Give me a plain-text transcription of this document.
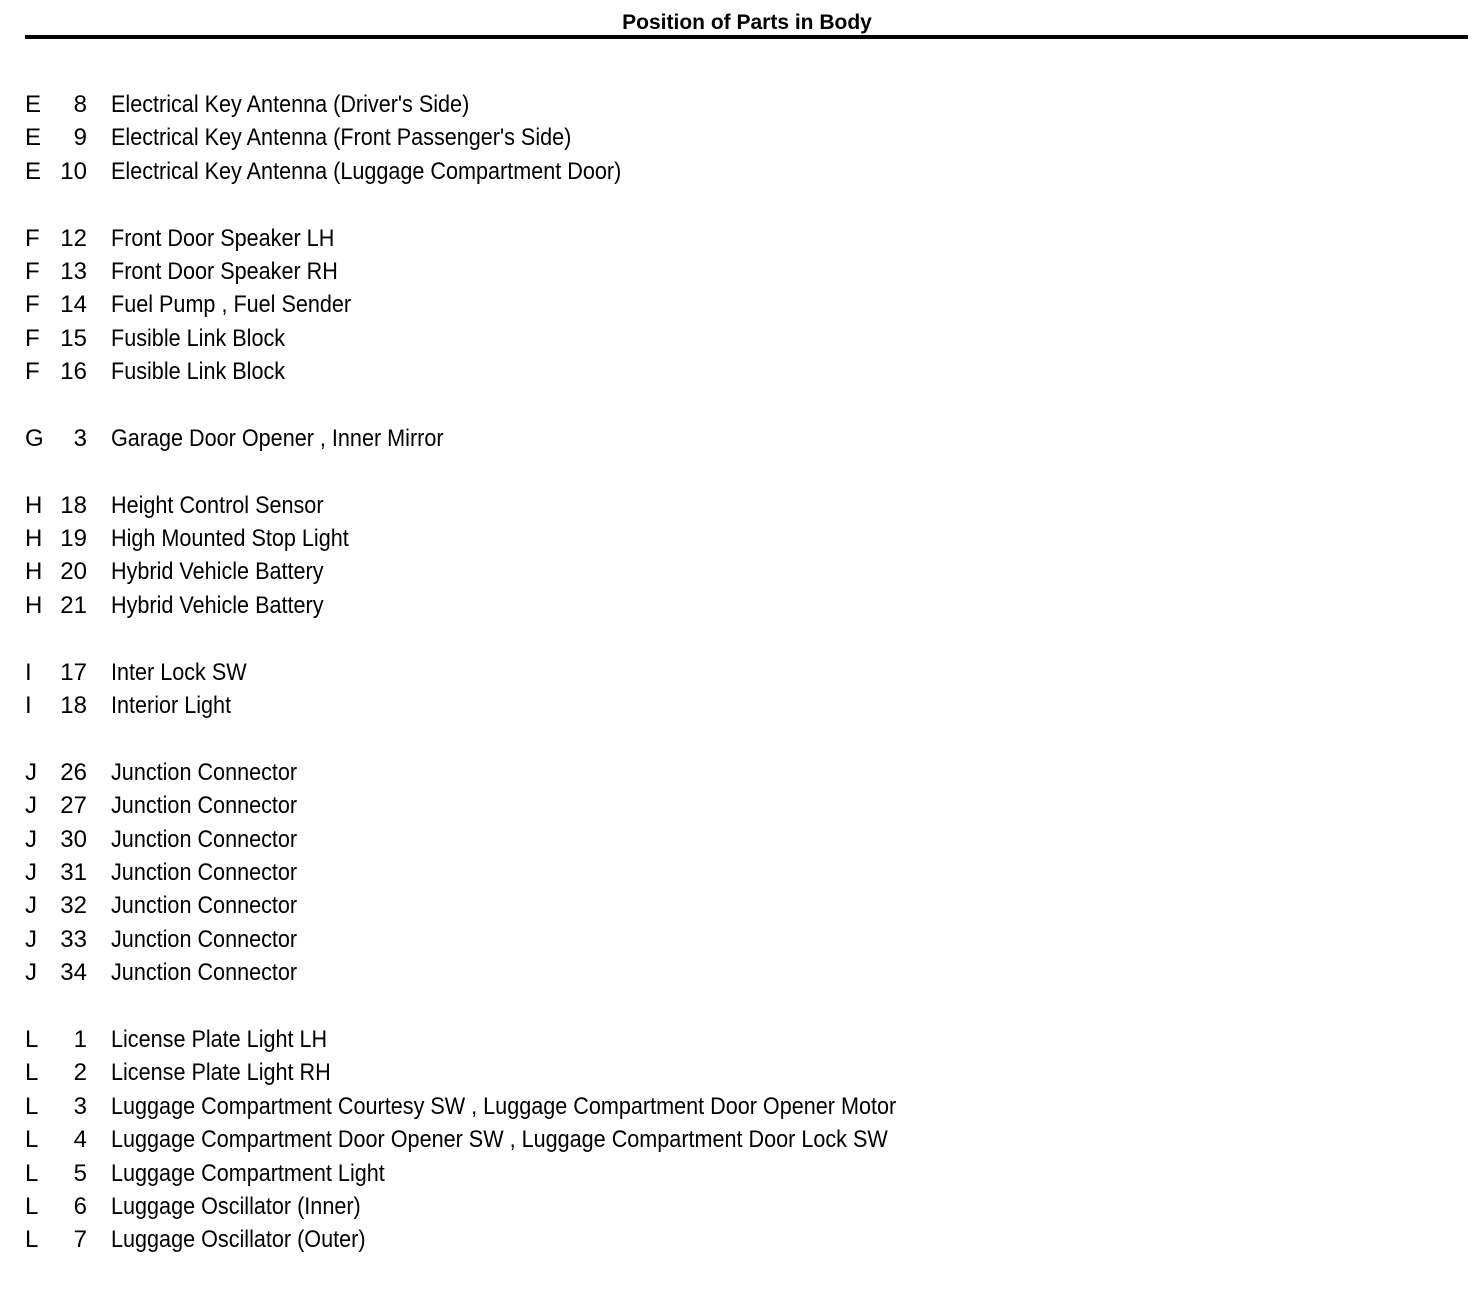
Position of Parts in Body
E	8 Electrical Key Antenna (Driver's Side)
E	9 Electrical Key Antenna (Front Passenger's Side)
E 10 Electrical Key Antenna (Luggage Compartment Door)
F 12 Front Door Speaker LH
F 13 Front Door Speaker RH
F 14 Fuel Pump , Fuel Sender
F 15 Fusible Link Block
F 16 Fusible Link Block
G	3 Garage Door Opener , Inner Mirror
H 18 Height Control Sensor
H 19 High Mounted Stop Light
H 20 Hybrid Vehicle Battery
H 21 Hybrid Vehicle Battery
I	17 Inter Lock SW
I	18 Interior Light
J 26 Junction Connector
J 27 Junction Connector
J 30 Junction Connector
J 31 Junction Connector
J 32 Junction Connector
J 33 Junction Connector
J 34 Junction Connector
L	1 License Plate Light LH
L	2 License Plate Light RH
L	3 Luggage Compartment Courtesy SW , Luggage Compartment Door Opener Motor
L	4 Luggage Compartment Door Opener SW , Luggage Compartment Door Lock SW
L	5 Luggage Compartment Light
L	6 Luggage Oscillator (Inner)
L	7 Luggage Oscillator (Outer)
